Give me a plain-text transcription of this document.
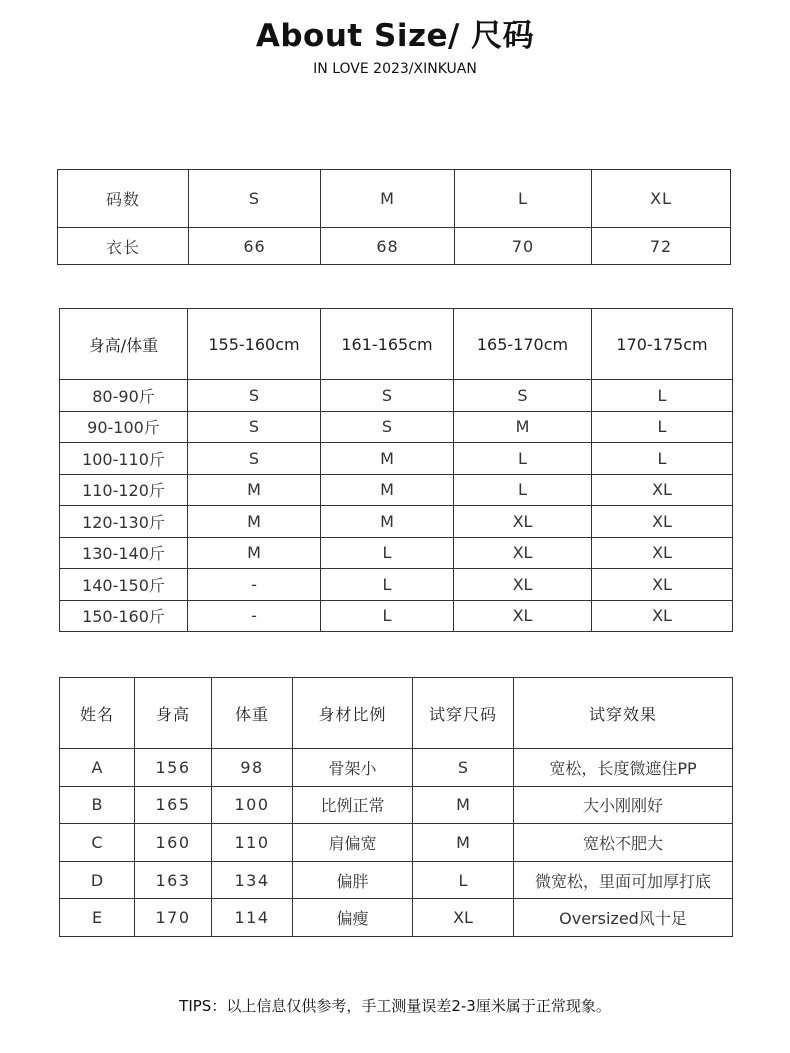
About Size/ 尺码
IN LOVE 2023/XINKUAN
码数	S	M	L	XL
衣长	66	68	70	72
身高/体重	155-160cm	161-165cm	165-170cm	170-175cm
80-90斤	S	S	S	L
90-100斤	S	S	M	L
100-110斤	S	M	L	L
110-120斤	M	M	L	XL
120-130斤	M	M	XL	XL
130-140斤	M	L	XL	XL
140-150斤	-	L	XL	XL
150-160斤	-	L	XL	XL
姓名	身高	体重	身材比例	试穿尺码	试穿效果
A	156	98	骨架小	S	宽松，长度微遮住PP
B	165	100	比例正常	M	大小刚刚好
C	160	110	肩偏宽	M	宽松不肥大
D	163	134	偏胖	L	微宽松，里面可加厚打底
E	170	114	偏瘦	XL	Oversized风十足
TIPS：以上信息仅供参考，手工测量误差2-3厘米属于正常现象。
